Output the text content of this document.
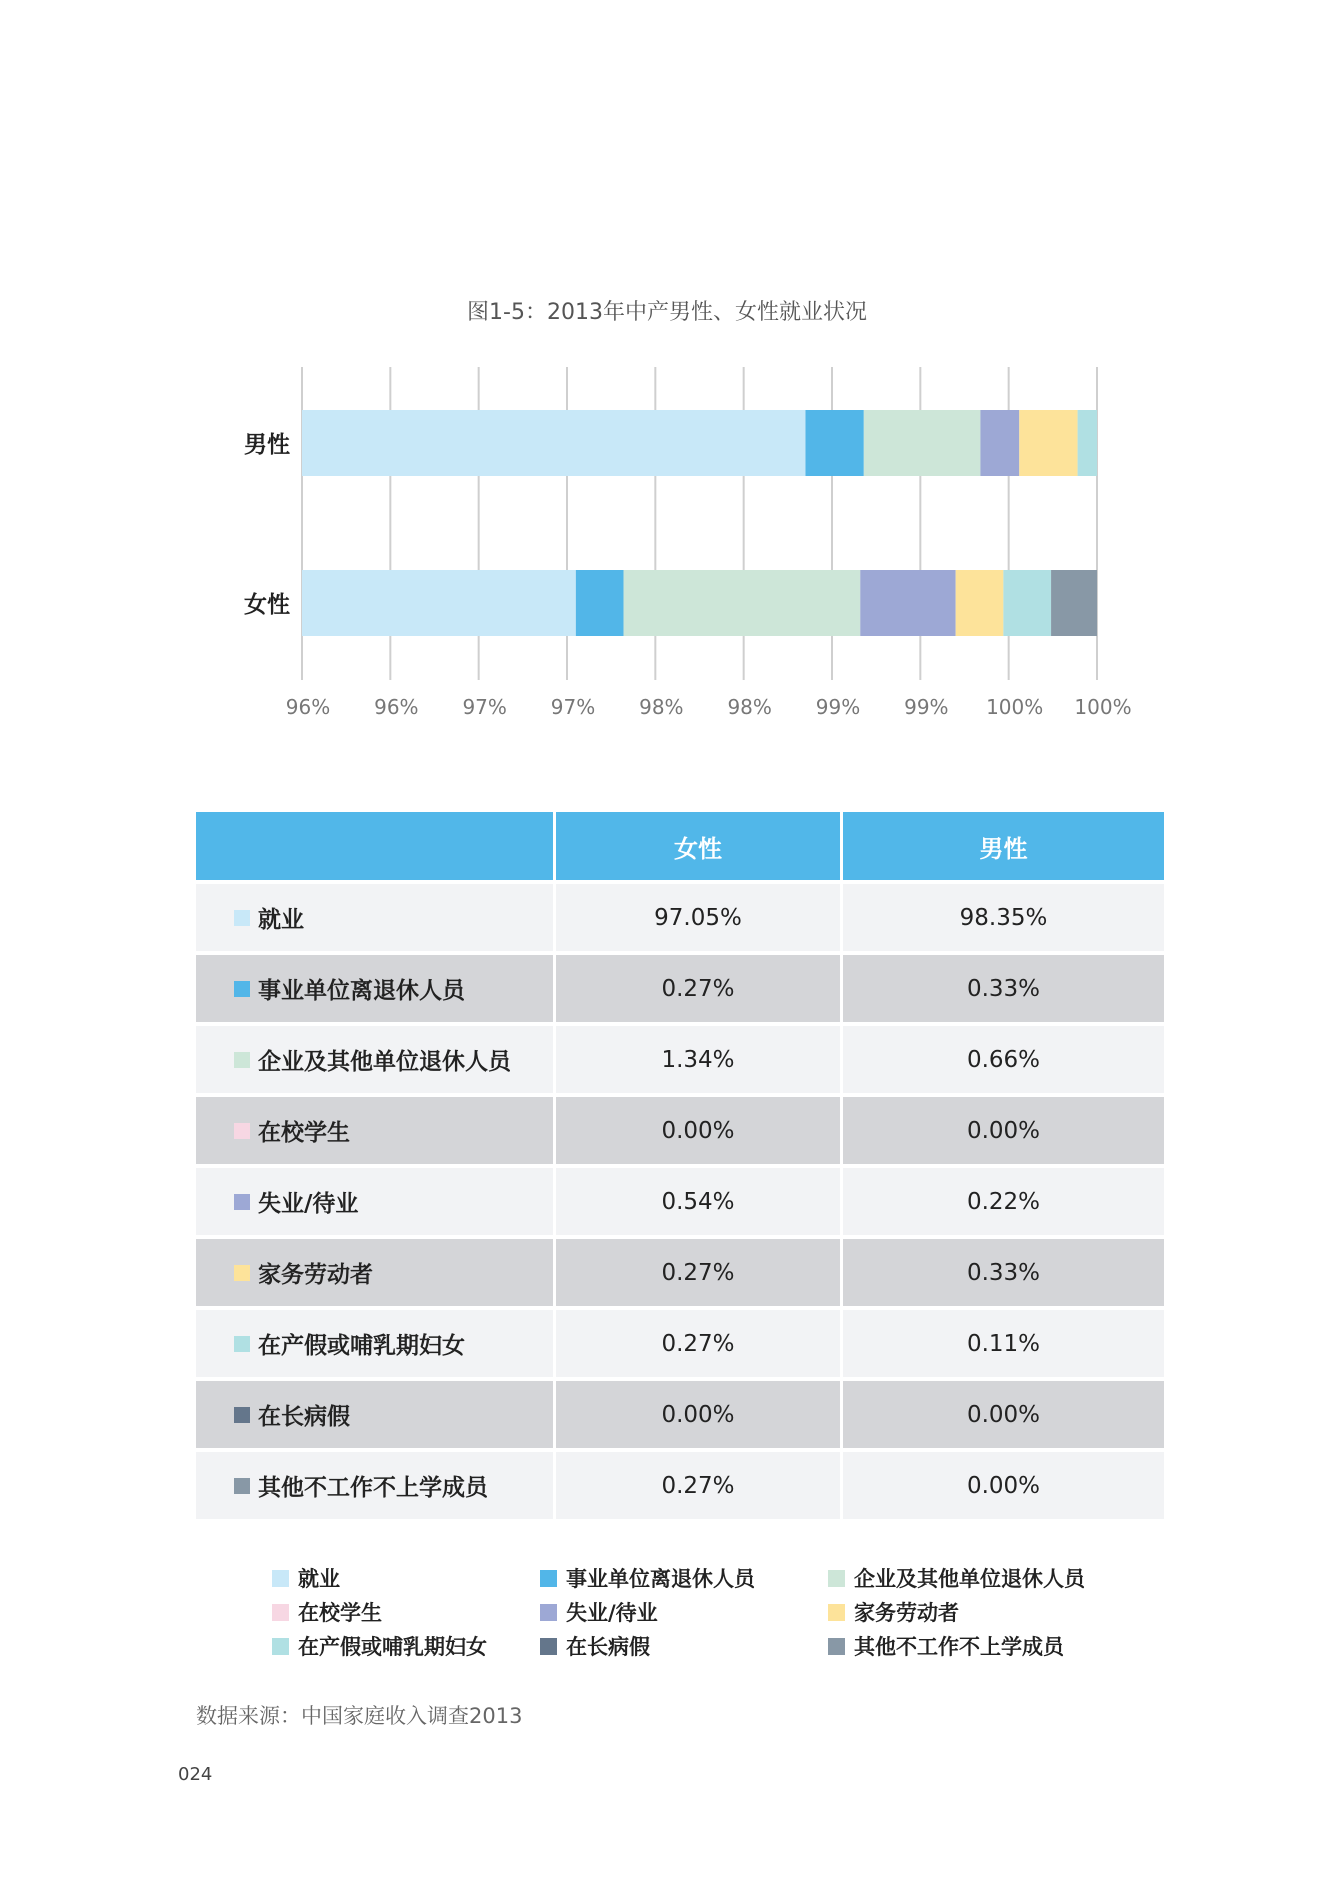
图1-5：2013年中产男性、女性就业状况
96% 96% 97% 97% 98% 98% 99% 99% 100% 100%
男性
女性
女性	男性
就业	97.05%	98.35%
事业单位离退休人员	0.27%	0.33%
企业及其他单位退休人员	1.34%	0.66%
在校学生	0.00%	0.00%
失业/待业	0.54%	0.22%
家务劳动者	0.27%	0.33%
在产假或哺乳期妇女	0.27%	0.11%
在长病假	0.00%	0.00%
其他不工作不上学成员	0.27%	0.00%
就业	事业单位离退休人员	企业及其他单位退休人员
在校学生	失业/待业	家务劳动者
在产假或哺乳期妇女	在长病假	其他不工作不上学成员
数据来源：中国家庭收入调查2013
024
